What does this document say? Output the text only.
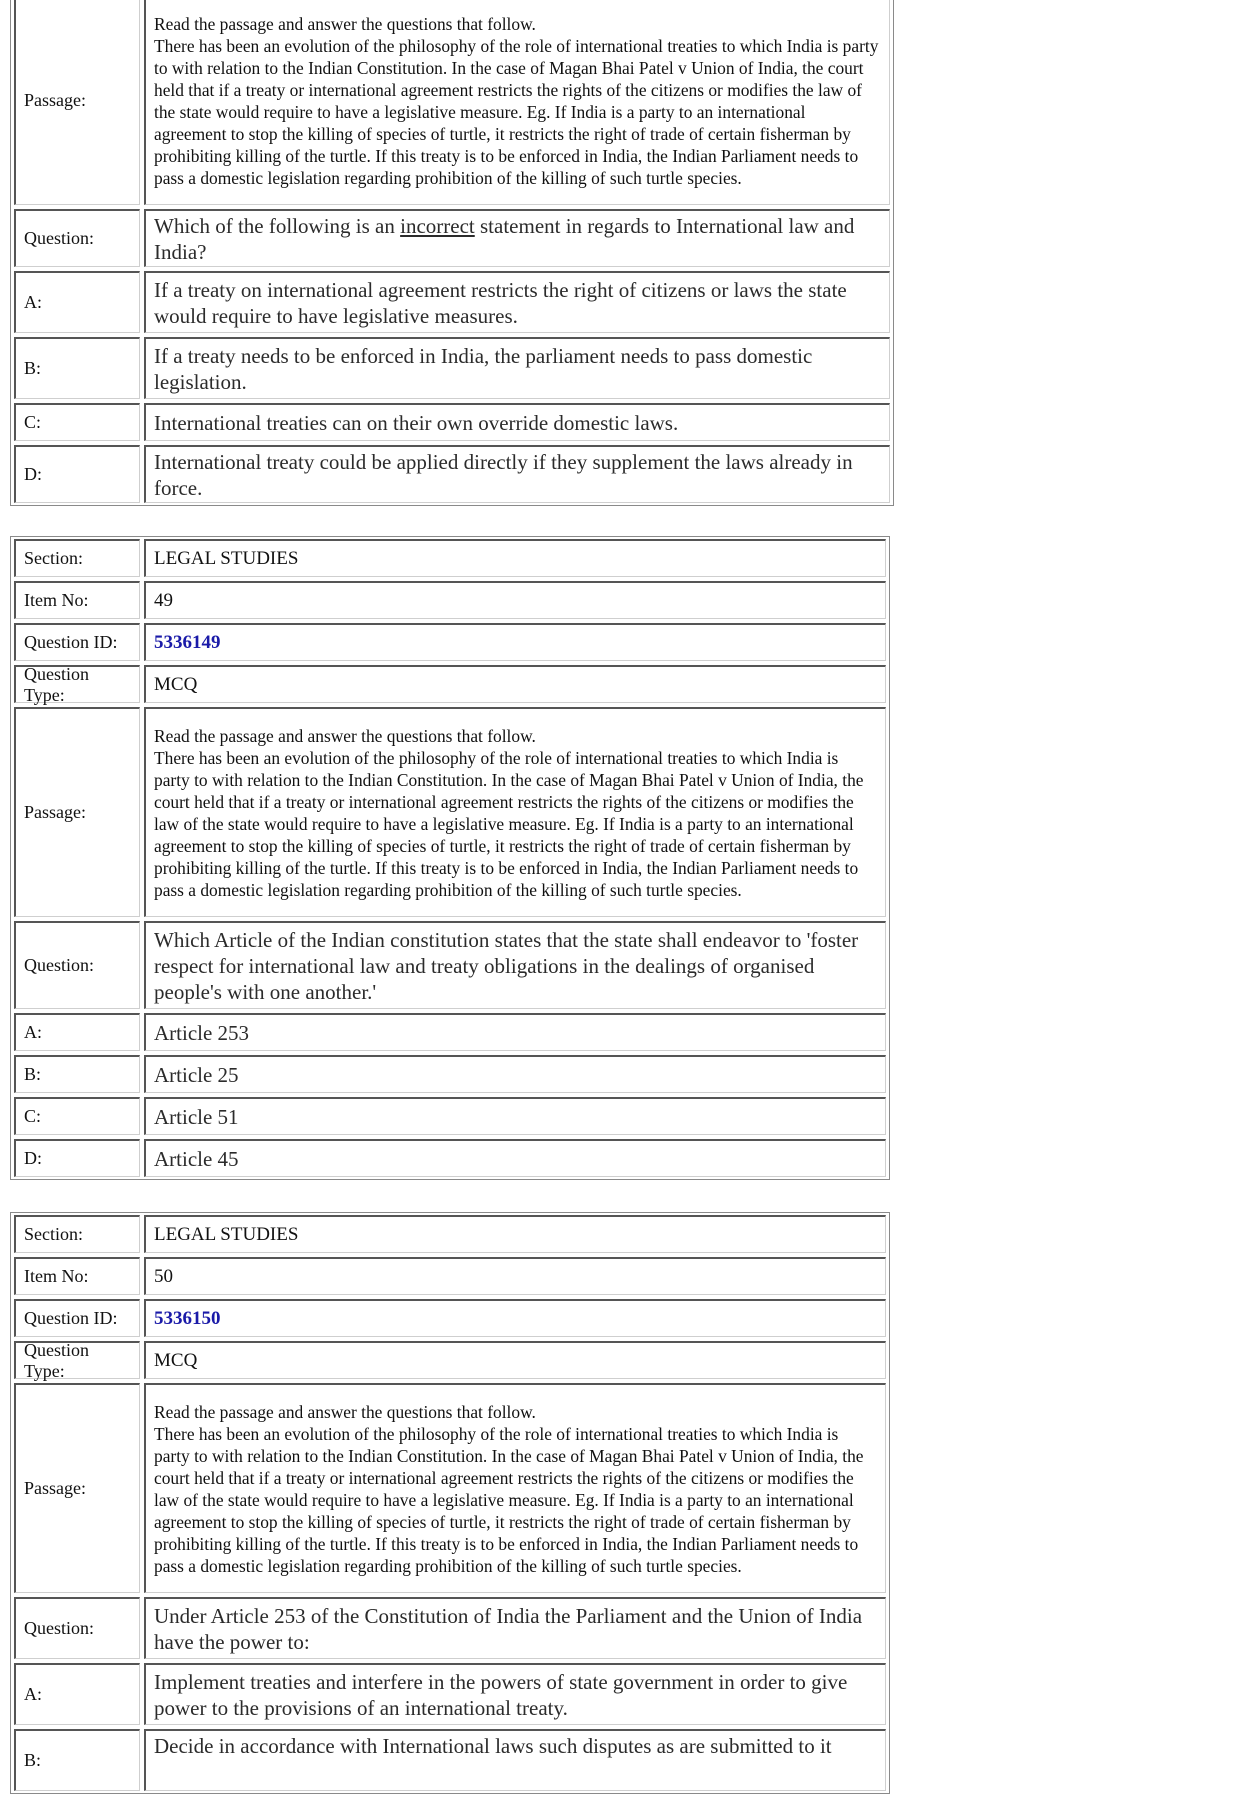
Passage:
Read the passage and answer the questions that follow.
There has been an evolution of the philosophy of the role of international treaties to which India is party to with relation to the Indian Constitution. In the case of Magan Bhai Patel v Union of India, the court held that if a treaty or international agreement restricts the rights of the citizens or modifies the law of the state would require to have a legislative measure. Eg. If India is a party to an international agreement to stop the killing of species of turtle, it restricts the right of trade of certain fisherman by prohibiting killing of the turtle. If this treaty is to be enforced in India, the Indian Parliament needs to pass a domestic legislation regarding prohibition of the killing of such turtle species.
Question:
Which of the following is an incorrect statement in regards to International law and India?
A:
If a treaty on international agreement restricts the right of citizens or laws the state would require to have legislative measures.
B:
If a treaty needs to be enforced in India, the parliament needs to pass domestic legislation.
C:	International treaties can on their own override domestic laws.
D:
International treaty could be applied directly if they supplement the laws already in force.
Section:	LEGAL STUDIES
Item No:	49
Question ID:	5336149
Question Type:	MCQ
Passage:
Read the passage and answer the questions that follow.
There has been an evolution of the philosophy of the role of international treaties to which India is party to with relation to the Indian Constitution. In the case of Magan Bhai Patel v Union of India, the court held that if a treaty or international agreement restricts the rights of the citizens or modifies the law of the state would require to have a legislative measure. Eg. If India is a party to an international agreement to stop the killing of species of turtle, it restricts the right of trade of certain fisherman by prohibiting killing of the turtle. If this treaty is to be enforced in India, the Indian Parliament needs to pass a domestic legislation regarding prohibition of the killing of such turtle species.
Question:
Which Article of the Indian constitution states that the state shall endeavor to 'foster respect for international law and treaty obligations in the dealings of organised people's with one another.'
A:	Article 253
B:	Article 25
C:	Article 51
D:	Article 45
Section:	LEGAL STUDIES
Item No:	50
Question ID:	5336150
Question Type:	MCQ
Passage:
Read the passage and answer the questions that follow.
There has been an evolution of the philosophy of the role of international treaties to which India is party to with relation to the Indian Constitution. In the case of Magan Bhai Patel v Union of India, the court held that if a treaty or international agreement restricts the rights of the citizens or modifies the law of the state would require to have a legislative measure. Eg. If India is a party to an international agreement to stop the killing of species of turtle, it restricts the right of trade of certain fisherman by prohibiting killing of the turtle. If this treaty is to be enforced in India, the Indian Parliament needs to pass a domestic legislation regarding prohibition of the killing of such turtle species.
Question:
Under Article 253 of the Constitution of India the Parliament and the Union of India have the power to:
A:
Implement treaties and interfere in the powers of state government in order to give power to the provisions of an international treaty.
B:
Decide in accordance with International laws such disputes as are submitted to it
